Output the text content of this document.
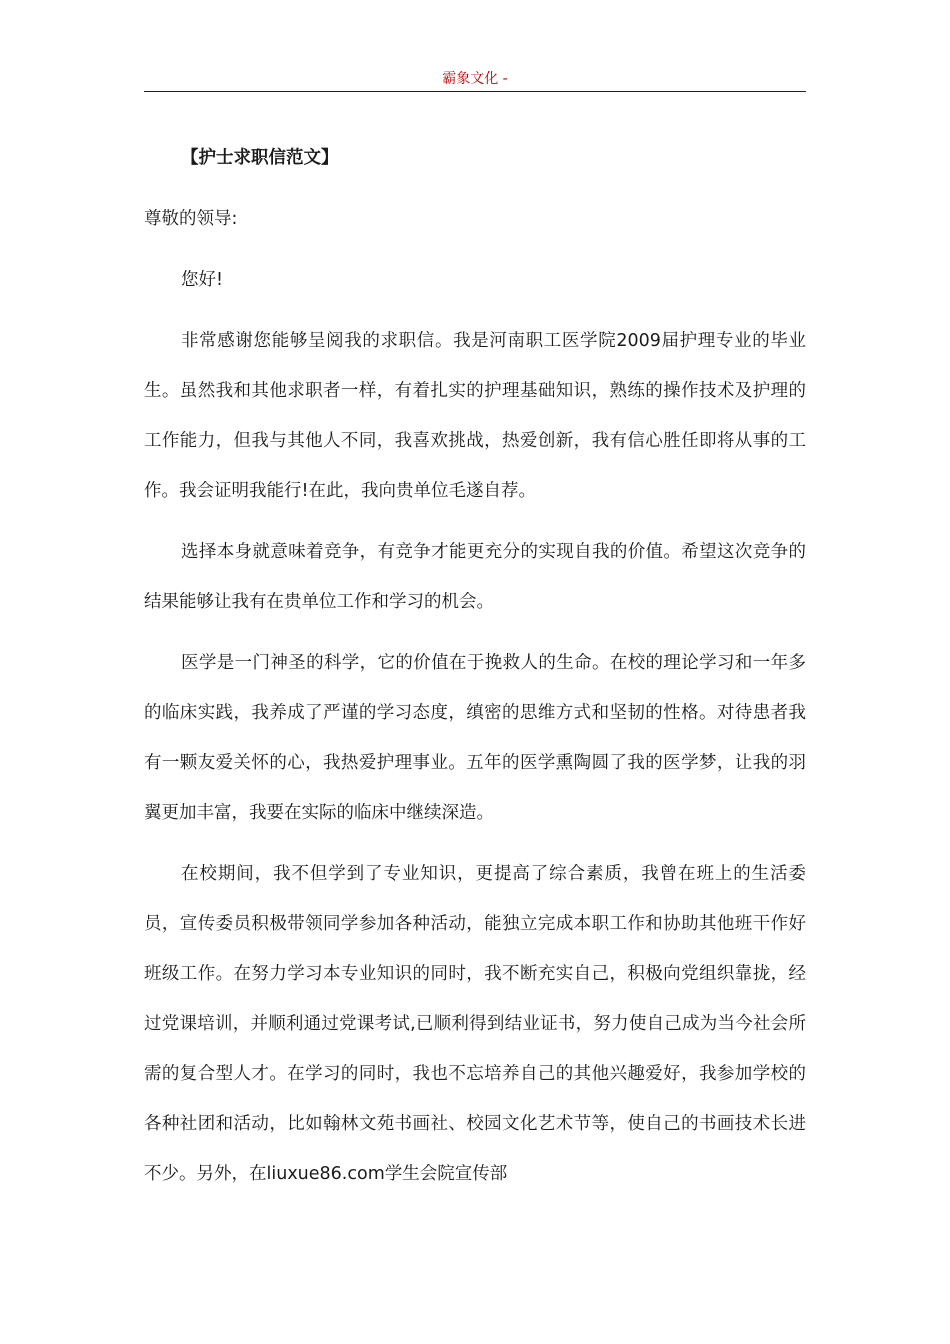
霸象文化 -

【护士求职信范文】

尊敬的领导:

您好!

非常感谢您能够呈阅我的求职信。我是河南职工医学院2009届护理专业的毕业生。虽然我和其他求职者一样，有着扎实的护理基础知识，熟练的操作技术及护理的工作能力，但我与其他人不同，我喜欢挑战，热爱创新，我有信心胜任即将从事的工作。我会证明我能行!在此，我向贵单位毛遂自荐。

选择本身就意味着竞争，有竞争才能更充分的实现自我的价值。希望这次竞争的结果能够让我有在贵单位工作和学习的机会。

医学是一门神圣的科学，它的价值在于挽救人的生命。在校的理论学习和一年多的临床实践，我养成了严谨的学习态度，缜密的思维方式和坚韧的性格。对待患者我有一颗友爱关怀的心，我热爱护理事业。五年的医学熏陶圆了我的医学梦，让我的羽翼更加丰富，我要在实际的临床中继续深造。

在校期间，我不但学到了专业知识，更提高了综合素质，我曾在班上的生活委员，宣传委员积极带领同学参加各种活动，能独立完成本职工作和协助其他班干作好班级工作。在努力学习本专业知识的同时，我不断充实自己，积极向党组织靠拢，经过党课培训，并顺利通过党课考试,已顺利得到结业证书，努力使自己成为当今社会所需的复合型人才。在学习的同时，我也不忘培养自己的其他兴趣爱好，我参加学校的各种社团和活动，比如翰林文苑书画社、校园文化艺术节等，使自己的书画技术长进不少。另外，在liuxue86.com学生会院宣传部
